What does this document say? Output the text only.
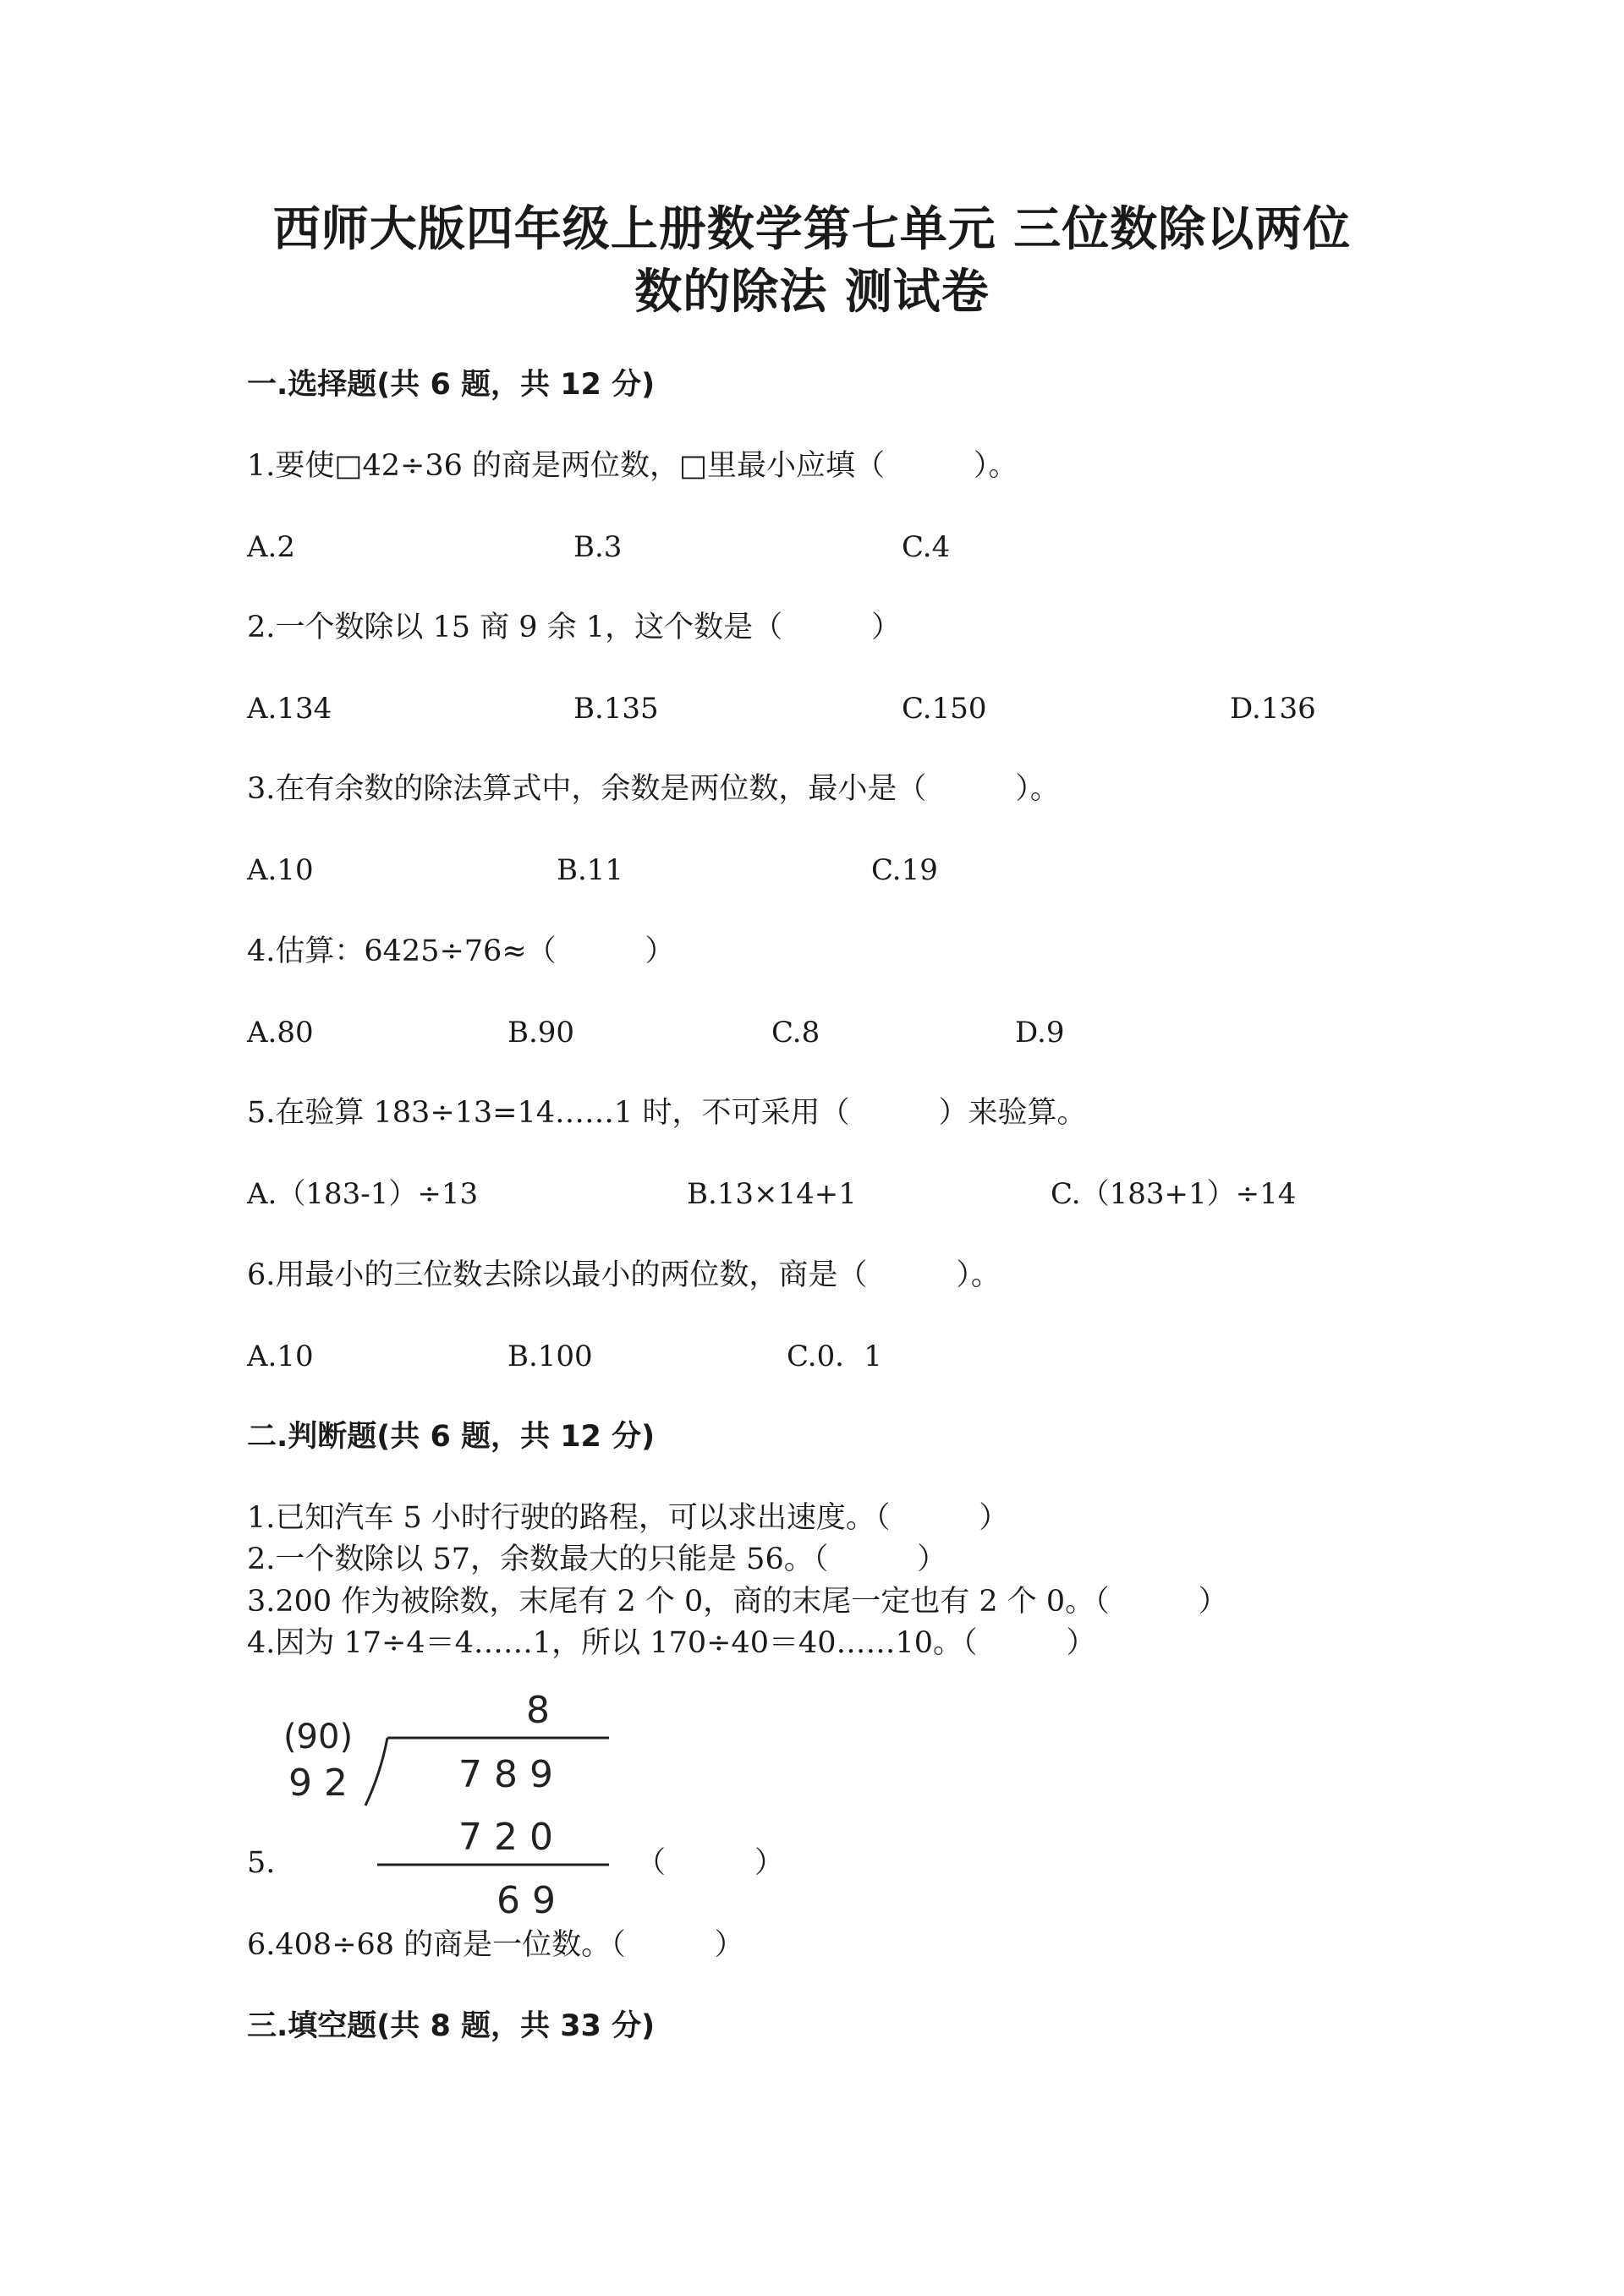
西师大版四年级上册数学第七单元 三位数除以两位
数的除法 测试卷
一.选择题(共 6 题，共 12 分)
1.要使□42÷36 的商是两位数，□里最小应填（　　　）。
A.2	B.3	C.4
2.一个数除以 15 商 9 余 1，这个数是（　　　）
A.134	B.135	C.150	D.136
3.在有余数的除法算式中，余数是两位数，最小是（　　　）。
A.10	B.11	C.19
4.估算：6425÷76≈（　　　）
A.80	B.90	C.8	D.9
5.在验算 183÷13=14……1 时，不可采用（　　　）来验算。
A.（183-1）÷13	B.13×14+1	C.（183+1）÷14
6.用最小的三位数去除以最小的两位数，商是（　　　）。
A.10	B.100	C.0．1
二.判断题(共 6 题，共 12 分)
1.已知汽车 5 小时行驶的路程，可以求出速度。（　　　）
2.一个数除以 57，余数最大的只能是 56。（　　　）
3.200 作为被除数，末尾有 2 个 0，商的末尾一定也有 2 个 0。（　　　）
4.因为 17÷4＝4……1，所以 170÷40＝40……10。（　　　）
8
(90)
9 2	7 8 9
7 2 0
6 9
5.	（　　　）
6.408÷68 的商是一位数。（　　　）
三.填空题(共 8 题，共 33 分)
